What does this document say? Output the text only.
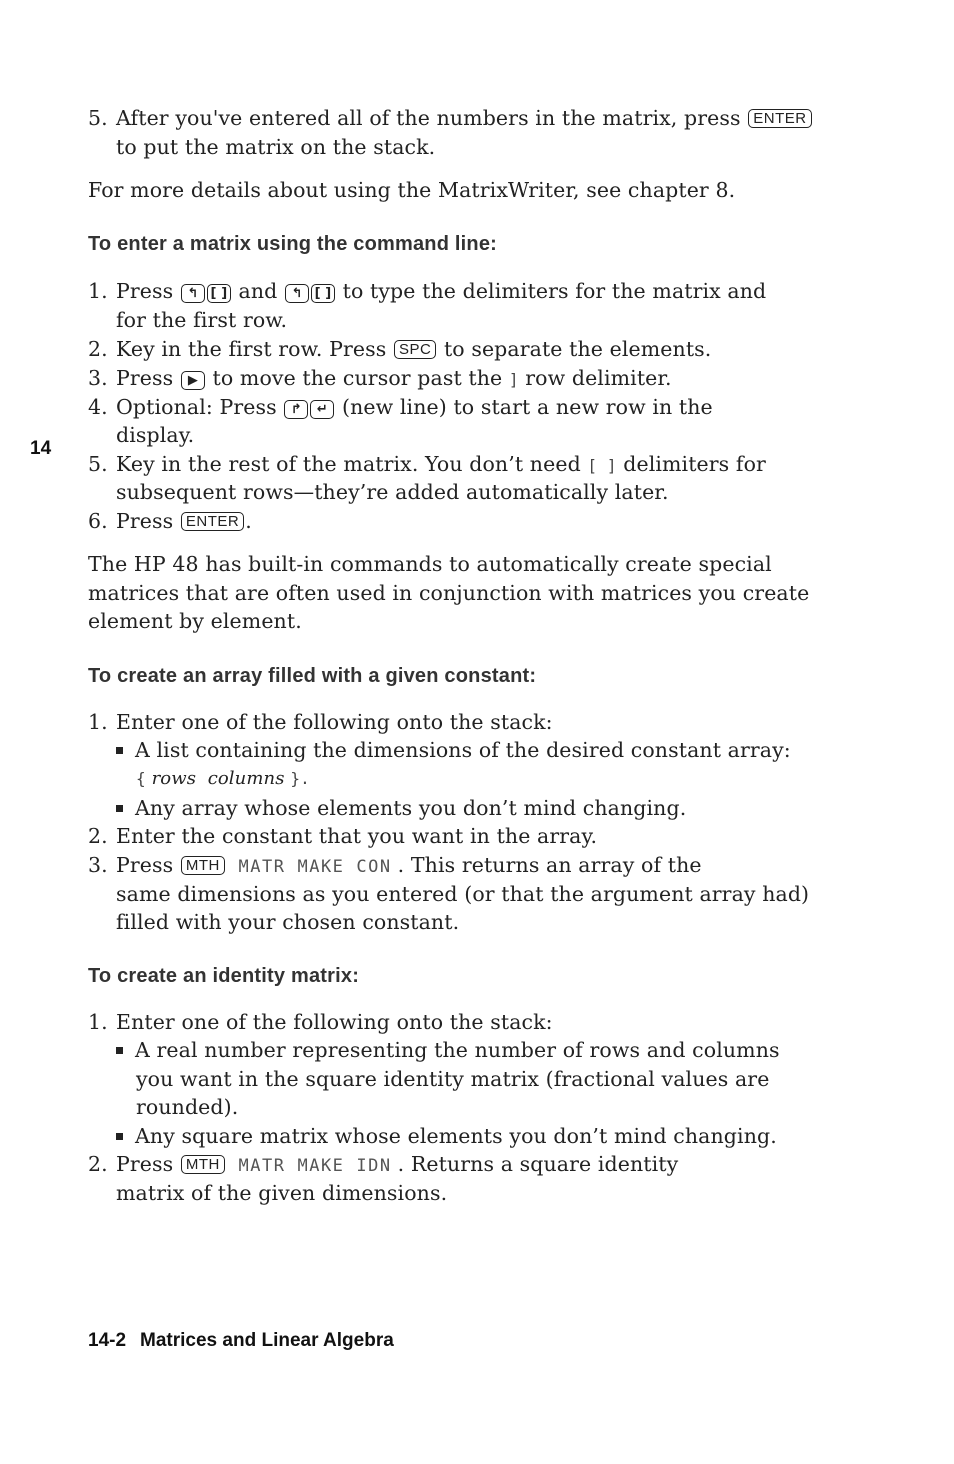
5. After you've entered all of the numbers in the matrix, press ENTER
to put the matrix on the stack.
For more details about using the MatrixWriter, see chapter 8.
To enter a matrix using the command line:
1. Press ↰ [ ] and ↰ [ ] to type the delimiters for the matrix and
for the first row.
2. Key in the first row. Press SPC to separate the elements.
3. Press ▶ to move the cursor past the ] row delimiter.
4. Optional: Press ↱ ↵ (new line) to start a new row in the
display.
14
5. Key in the rest of the matrix. You don’t need [ ] delimiters for
subsequent rows—they’re added automatically later.
6. Press ENTER .
The HP 48 has built-in commands to automatically create special
matrices that are often used in conjunction with matrices you create
element by element.
To create an array filled with a given constant:
1. Enter one of the following onto the stack:
A list containing the dimensions of the desired constant array:
{ rows  columns }.
Any array whose elements you don’t mind changing.
2. Enter the constant that you want in the array.
3. Press MTH MATR MAKE CON . This returns an array of the
same dimensions as you entered (or that the argument array had)
filled with your chosen constant.
To create an identity matrix:
1. Enter one of the following onto the stack:
A real number representing the number of rows and columns
you want in the square identity matrix (fractional values are
rounded).
Any square matrix whose elements you don’t mind changing.
2. Press MTH MATR MAKE IDN . Returns a square identity
matrix of the given dimensions.
14-2 Matrices and Linear Algebra
